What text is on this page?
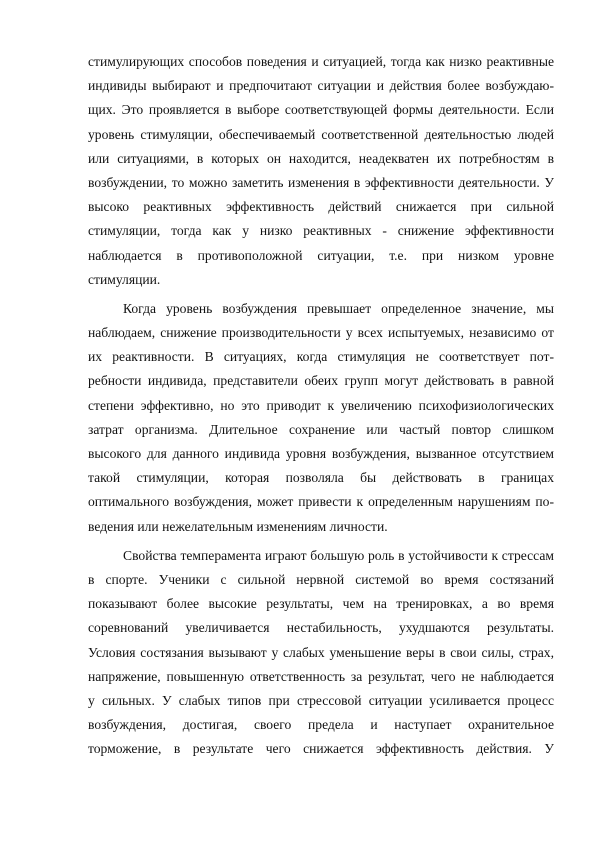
стимулирующих способов поведения и ситуацией, тогда как низко реактивные
индивиды выбирают и предпочитают ситуации и действия более возбуждаю-
щих. Это проявляется в выборе соответствующей формы деятельности. Если
уровень стимуляции, обеспечиваемый соответственной деятельностью людей
или ситуациями, в которых он находится, неадекватен их потребностям в
возбуждении, то можно заметить изменения в эффективности деятельности. У
высоко реактивных эффективность действий снижается при сильной
стимуляции, тогда как у низко реактивных - снижение эффективности
наблюдается в противоположной ситуации, т.е. при низком уровне
стимуляции.
Когда уровень возбуждения превышает определенное значение, мы
наблюдаем, снижение производительности у всех испытуемых, независимо от
их реактивности. В ситуациях, когда стимуляция не соответствует пот-
ребности индивида, представители обеих групп могут действовать в равной
степени эффективно, но это приводит к увеличению психофизиологических
затрат организма. Длительное сохранение или частый повтор слишком
высокого для данного индивида уровня возбуждения, вызванное отсутствием
такой стимуляции, которая позволяла бы действовать в границах
оптимального возбуждения, может привести к определенным нарушениям по-
ведения или нежелательным изменениям личности.
Свойства темперамента играют большую роль в устойчивости к стрессам
в спорте. Ученики с сильной нервной системой во время состязаний
показывают более высокие результаты, чем на тренировках, а во время
соревнований увеличивается нестабильность, ухудшаются результаты.
Условия состязания вызывают у слабых уменьшение веры в свои силы, страх,
напряжение, повышенную ответственность за результат, чего не наблюдается
у сильных. У слабых типов при стрессовой ситуации усиливается процесс
возбуждения, достигая, своего предела и наступает охранительное
торможение, в результате чего снижается эффективность действия. У
